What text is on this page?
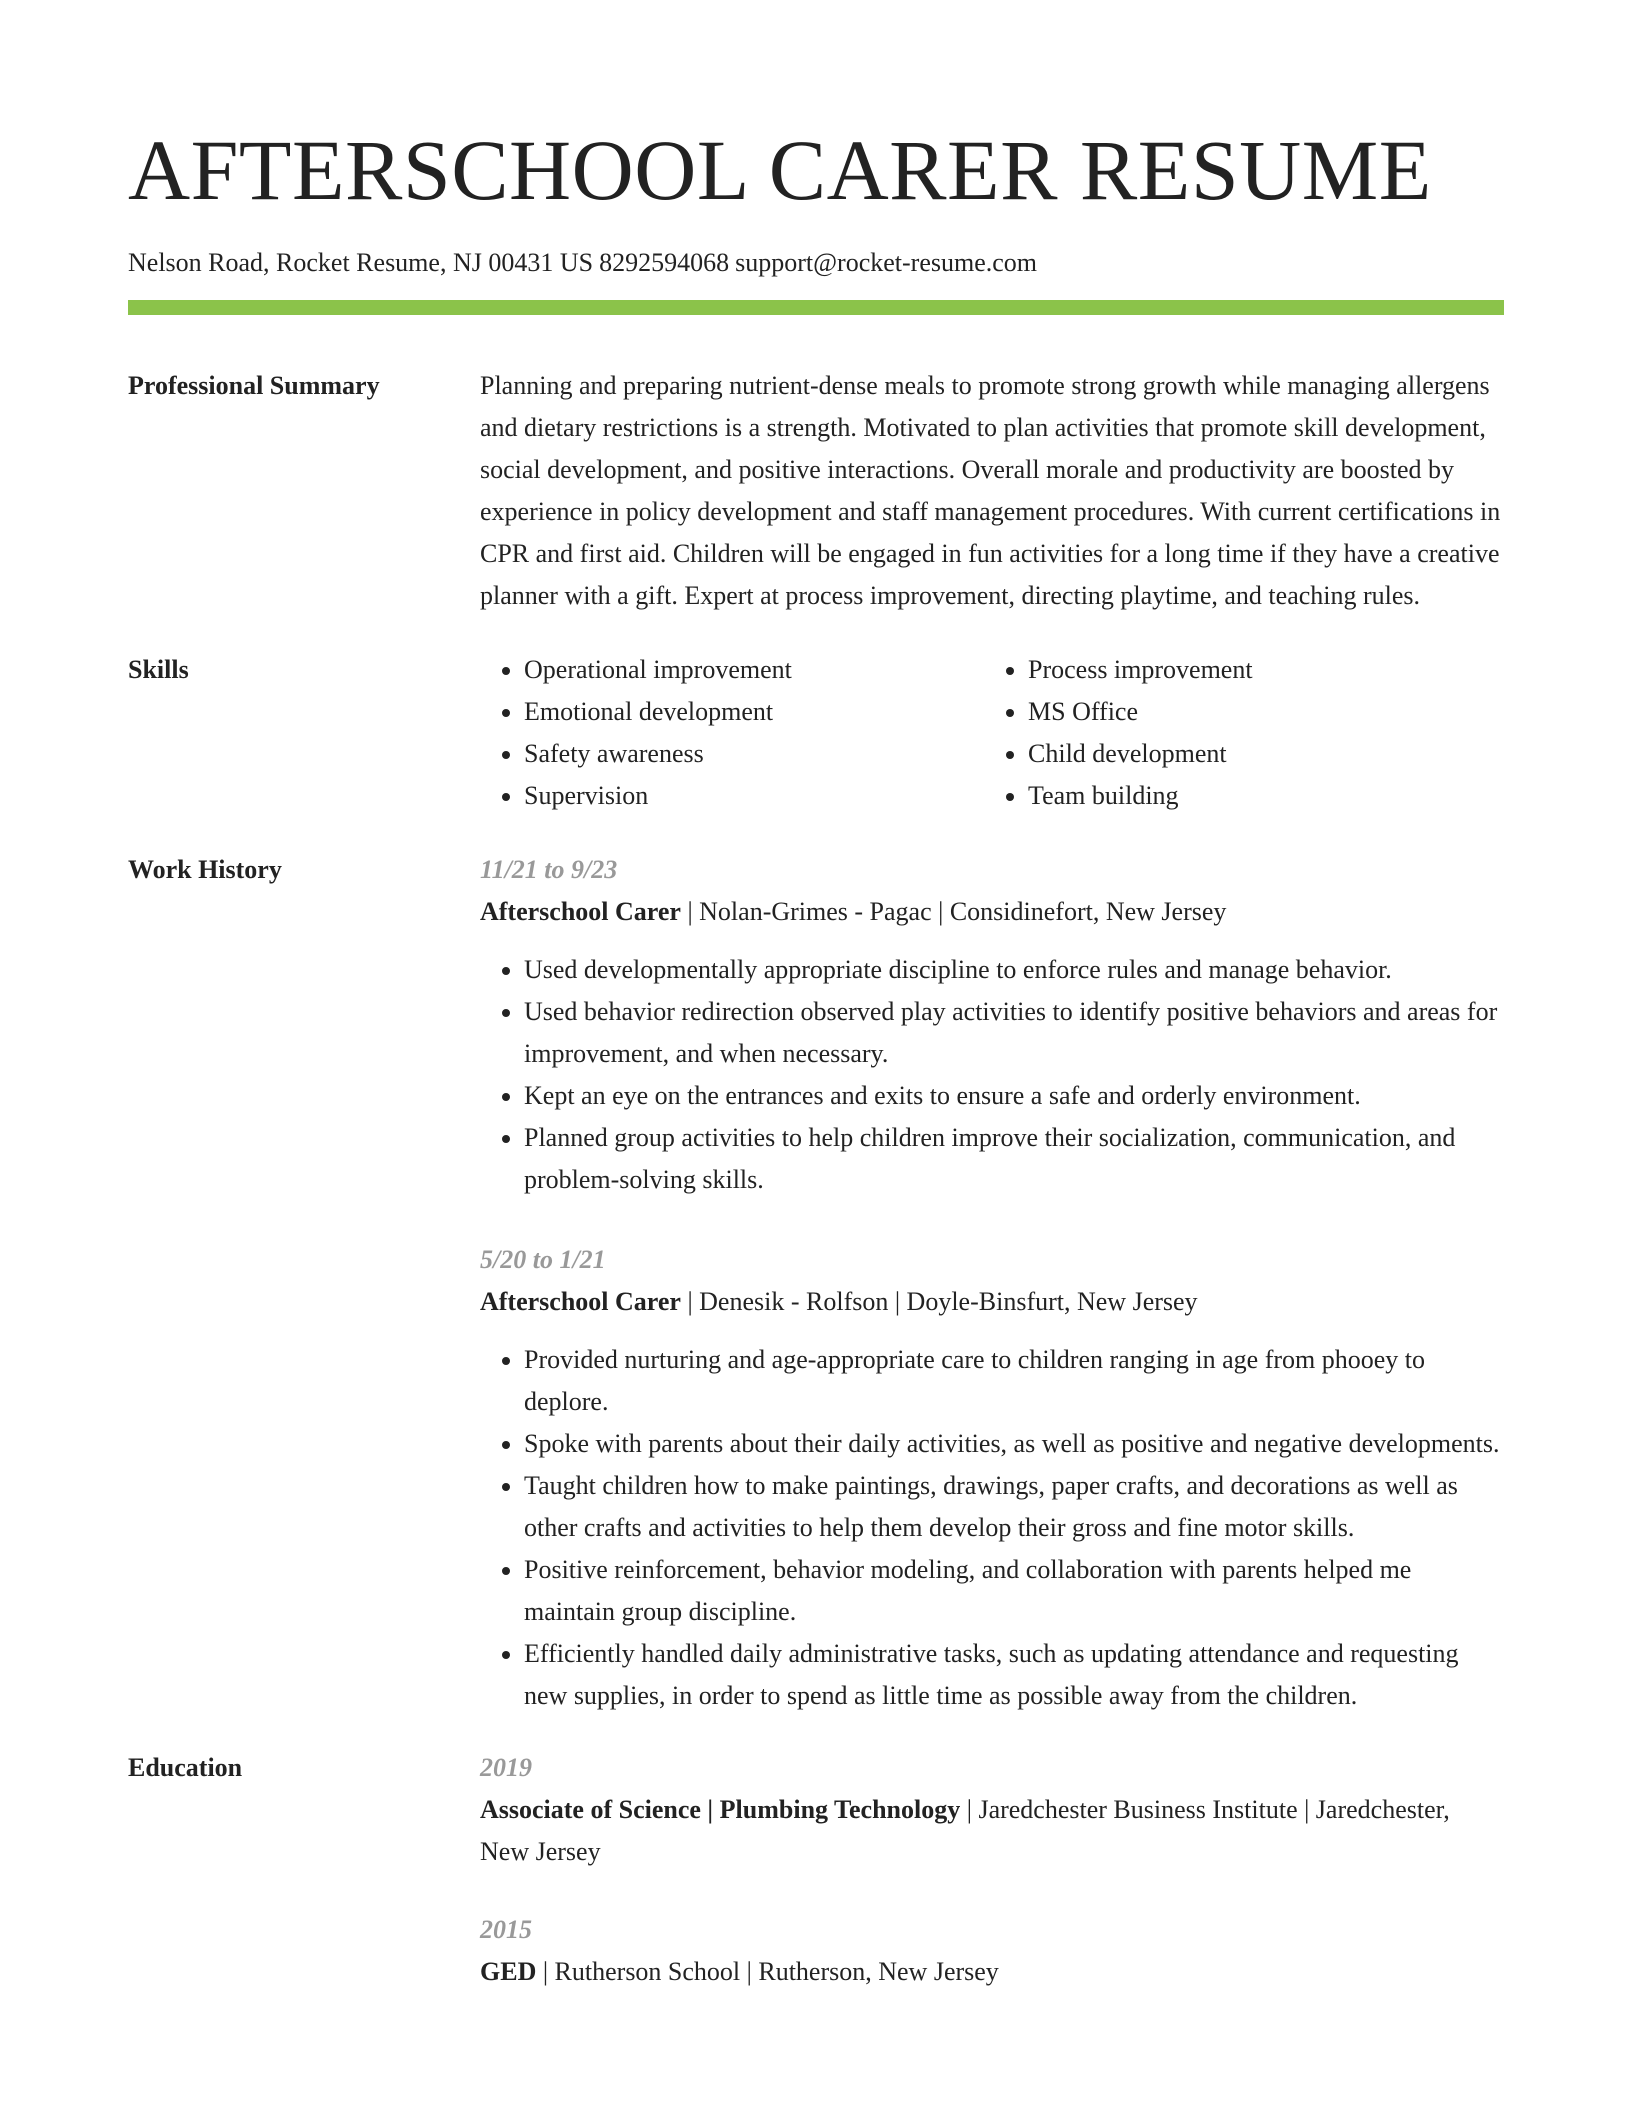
AFTERSCHOOL CARER RESUME
Nelson Road, Rocket Resume, NJ 00431 US 8292594068 support@rocket-resume.com
Professional Summary	Planning and preparing nutrient-dense meals to promote strong growth while managing allergens and dietary restrictions is a strength. Motivated to plan activities that promote skill development, social development, and positive interactions. Overall morale and productivity are boosted by experience in policy development and staff management procedures. With current certifications in CPR and first aid. Children will be engaged in fun activities for a long time if they have a creative planner with a gift. Expert at process improvement, directing playtime, and teaching rules.

Skills
•	Operational improvement
• Emotional development
• Safety awareness
• Supervision
• Process improvement
• MS Office
• Child development
• Team building
Work History	11/21 to 9/23
Afterschool Carer | Nolan-Grimes - Pagac | Considinefort, New Jersey
• Used developmentally appropriate discipline to enforce rules and manage behavior.
• Used behavior redirection observed play activities to identify positive behaviors and areas for improvement, and when necessary.
• Kept an eye on the entrances and exits to ensure a safe and orderly environment.
• Planned group activities to help children improve their socialization, communication, and problem-solving skills.
5/20 to 1/21
Afterschool Carer | Denesik - Rolfson | Doyle-Binsfurt, New Jersey
• Provided nurturing and age-appropriate care to children ranging in age from phooey to deplore.
• Spoke with parents about their daily activities, as well as positive and negative developments.
• Taught children how to make paintings, drawings, paper crafts, and decorations as well as other crafts and activities to help them develop their gross and fine motor skills.
• Positive reinforcement, behavior modeling, and collaboration with parents helped me maintain group discipline.
• Efficiently handled daily administrative tasks, such as updating attendance and requesting new supplies, in order to spend as little time as possible away from the children.
Education	2019
Associate of Science | Plumbing Technology | Jaredchester Business Institute | Jaredchester, New Jersey
2015
GED | Rutherson School | Rutherson, New Jersey
